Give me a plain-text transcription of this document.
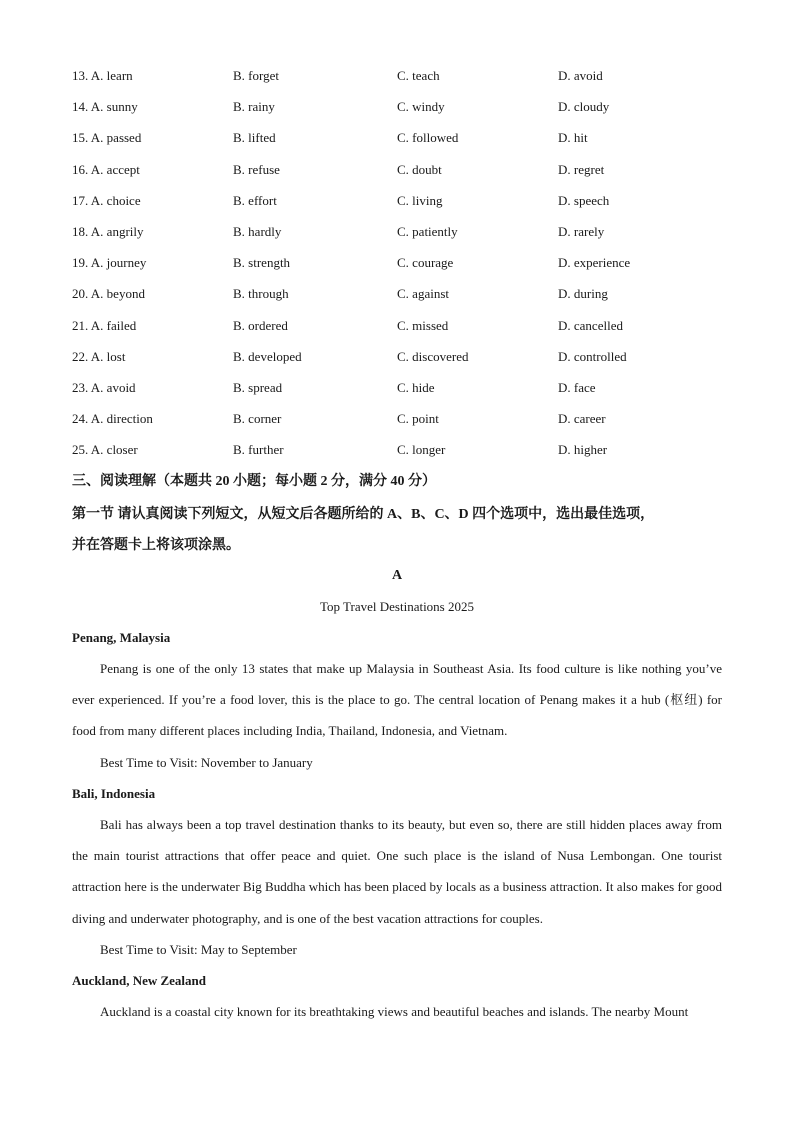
13. A. learn	B. forget	C. teach	D. avoid
14. A. sunny	B. rainy	C. windy	D. cloudy
15. A. passed	B. lifted	C. followed	D. hit
16. A. accept	B. refuse	C. doubt	D. regret
17. A. choice	B. effort	C. living	D. speech
18. A. angrily	B. hardly	C. patiently	D. rarely
19. A. journey	B. strength	C. courage	D. experience
20. A. beyond	B. through	C. against	D. during
21. A. failed	B. ordered	C. missed	D. cancelled
22. A. lost	B. developed	C. discovered	D. controlled
23. A. avoid	B. spread	C. hide	D. face
24. A. direction	B. corner	C. point	D. career
25. A. closer	B. further	C. longer	D. higher
三、阅读理解（本题共 20 小题；每小题 2 分，满分 40 分）
第一节 请认真阅读下列短文，从短文后各题所给的 A、B、C、D 四个选项中，选出最佳选项，
并在答题卡上将该项涂黑。
A
Top Travel Destinations 2025
Penang, Malaysia

Penang is one of the only 13 states that make up Malaysia in Southeast Asia. Its food culture is like nothing you’ve ever experienced. If you’re a food lover, this is the place to go. The central location of Penang makes it a hub (枢纽) for food from many different places including India, Thailand, Indonesia, and Vietnam.

Best Time to Visit: November to January
Bali, Indonesia

Bali has always been a top travel destination thanks to its beauty, but even so, there are still hidden places away from the main tourist attractions that offer peace and quiet. One such place is the island of Nusa Lembongan. One tourist attraction here is the underwater Big Buddha which has been placed by locals as a business attraction. It also makes for good diving and underwater photography, and is one of the best vacation attractions for couples.

Best Time to Visit: May to September
Auckland, New Zealand

Auckland is a coastal city known for its breathtaking views and beautiful beaches and islands. The nearby Mount
